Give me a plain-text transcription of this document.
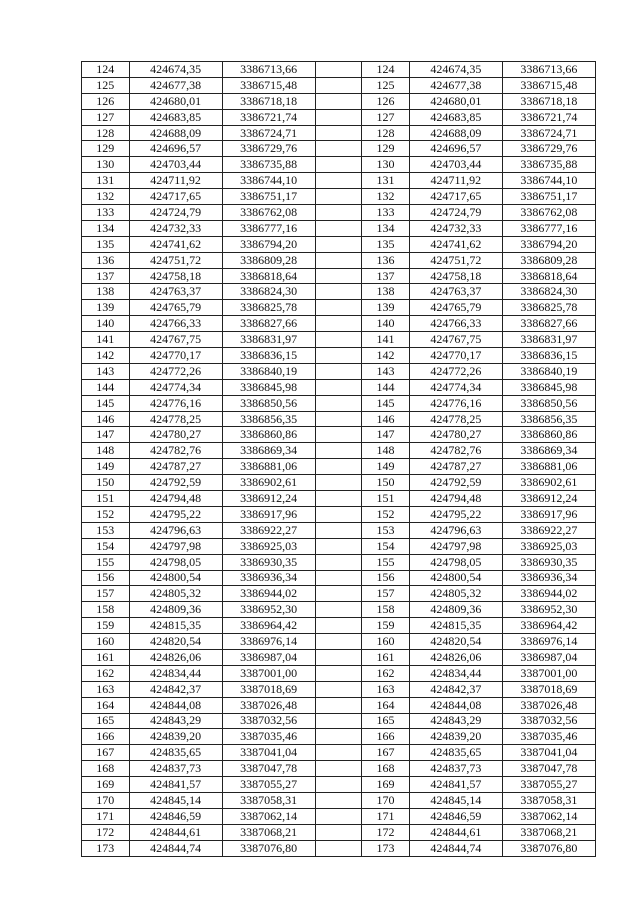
124	424674,35	3386713,66		124	424674,35	3386713,66
125	424677,38	3386715,48		125	424677,38	3386715,48
126	424680,01	3386718,18		126	424680,01	3386718,18
127	424683,85	3386721,74		127	424683,85	3386721,74
128	424688,09	3386724,71		128	424688,09	3386724,71
129	424696,57	3386729,76		129	424696,57	3386729,76
130	424703,44	3386735,88		130	424703,44	3386735,88
131	424711,92	3386744,10		131	424711,92	3386744,10
132	424717,65	3386751,17		132	424717,65	3386751,17
133	424724,79	3386762,08		133	424724,79	3386762,08
134	424732,33	3386777,16		134	424732,33	3386777,16
135	424741,62	3386794,20		135	424741,62	3386794,20
136	424751,72	3386809,28		136	424751,72	3386809,28
137	424758,18	3386818,64		137	424758,18	3386818,64
138	424763,37	3386824,30		138	424763,37	3386824,30
139	424765,79	3386825,78		139	424765,79	3386825,78
140	424766,33	3386827,66		140	424766,33	3386827,66
141	424767,75	3386831,97		141	424767,75	3386831,97
142	424770,17	3386836,15		142	424770,17	3386836,15
143	424772,26	3386840,19		143	424772,26	3386840,19
144	424774,34	3386845,98		144	424774,34	3386845,98
145	424776,16	3386850,56		145	424776,16	3386850,56
146	424778,25	3386856,35		146	424778,25	3386856,35
147	424780,27	3386860,86		147	424780,27	3386860,86
148	424782,76	3386869,34		148	424782,76	3386869,34
149	424787,27	3386881,06		149	424787,27	3386881,06
150	424792,59	3386902,61		150	424792,59	3386902,61
151	424794,48	3386912,24		151	424794,48	3386912,24
152	424795,22	3386917,96		152	424795,22	3386917,96
153	424796,63	3386922,27		153	424796,63	3386922,27
154	424797,98	3386925,03		154	424797,98	3386925,03
155	424798,05	3386930,35		155	424798,05	3386930,35
156	424800,54	3386936,34		156	424800,54	3386936,34
157	424805,32	3386944,02		157	424805,32	3386944,02
158	424809,36	3386952,30		158	424809,36	3386952,30
159	424815,35	3386964,42		159	424815,35	3386964,42
160	424820,54	3386976,14		160	424820,54	3386976,14
161	424826,06	3386987,04		161	424826,06	3386987,04
162	424834,44	3387001,00		162	424834,44	3387001,00
163	424842,37	3387018,69		163	424842,37	3387018,69
164	424844,08	3387026,48		164	424844,08	3387026,48
165	424843,29	3387032,56		165	424843,29	3387032,56
166	424839,20	3387035,46		166	424839,20	3387035,46
167	424835,65	3387041,04		167	424835,65	3387041,04
168	424837,73	3387047,78		168	424837,73	3387047,78
169	424841,57	3387055,27		169	424841,57	3387055,27
170	424845,14	3387058,31		170	424845,14	3387058,31
171	424846,59	3387062,14		171	424846,59	3387062,14
172	424844,61	3387068,21		172	424844,61	3387068,21
173	424844,74	3387076,80		173	424844,74	3387076,80
